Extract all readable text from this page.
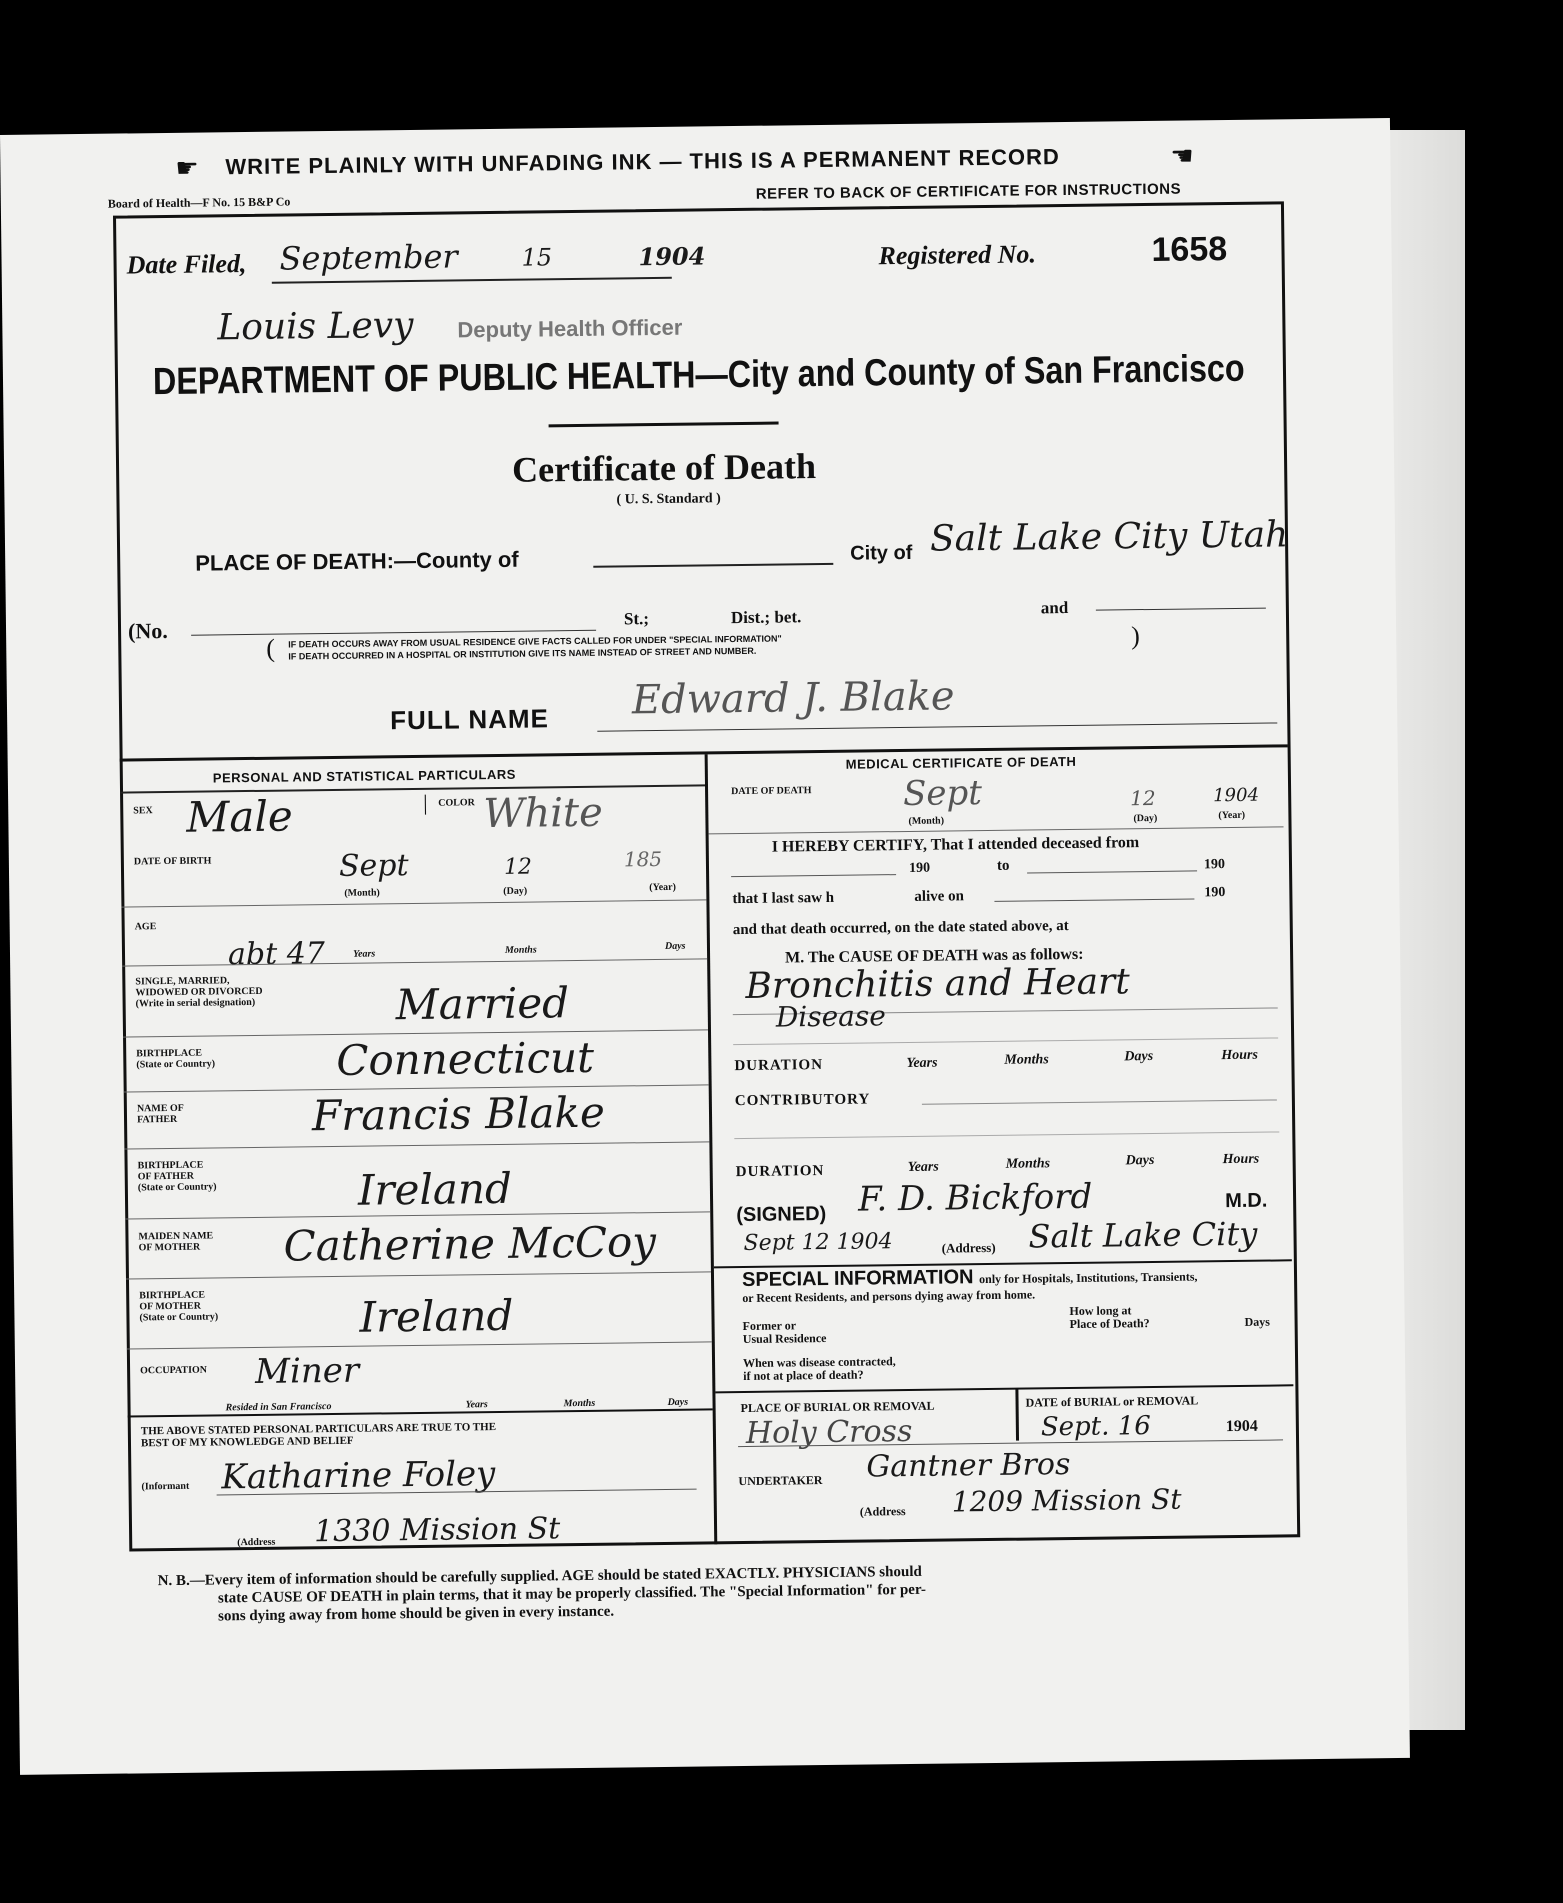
☛ WRITE PLAINLY WITH UNFADING INK — THIS IS A PERMANENT RECORD	☚
Board of Health—F No. 15 B&P Co	REFER TO BACK OF CERTIFICATE FOR INSTRUCTIONS
Date Filed, September	15	1904	Registered No.	1658
Louis Levy Deputy Health Officer
DEPARTMENT OF PUBLIC HEALTH—City and County of San Francisco
Certificate of Death
( U. S. Standard )
PLACE OF DEATH:—County of	City of Salt Lake City Utah
(No.	St.;	Dist.; bet.	and
IF DEATH OCCURS AWAY FROM USUAL RESIDENCE GIVE FACTS CALLED FOR UNDER "SPECIAL INFORMATION"
IF DEATH OCCURRED IN A HOSPITAL OR INSTITUTION GIVE ITS NAME INSTEAD OF STREET AND NUMBER.
(	)
FULL NAME Edward J. Blake
PERSONAL AND STATISTICAL PARTICULARS
SEX Male	| COLOR White
DATE OF BIRTH	Sept	12	185
(Month)	(Day)	(Year)
AGE
abt 47	Years	Months	Days
SINGLE, MARRIED,
WIDOWED OR DIVORCED
(Write in serial designation)	Married
BIRTHPLACE
(State or Country)	Connecticut
NAME OF
FATHER	Francis Blake
BIRTHPLACE
OF FATHER
(State or Country)	Ireland
MAIDEN NAME
OF MOTHER Catherine McCoy
BIRTHPLACE
OF MOTHER
(State or Country)	Ireland
OCCUPATION Miner
Resided in San Francisco	Years	Months	Days
THE ABOVE STATED PERSONAL PARTICULARS ARE TRUE TO THE
BEST OF MY KNOWLEDGE AND BELIEF
(Informant Katharine Foley
(Address 1330 Mission St
MEDICAL CERTIFICATE OF DEATH
DATE OF DEATH	Sept	12	1904
(Month)	(Day)	(Year)
I HEREBY CERTIFY, That I attended deceased from
190	to	190
that I last saw h	alive on	190
and that death occurred, on the date stated above, at
M. The CAUSE OF DEATH was as follows:
Bronchitis and Heart
Disease
DURATION	Years	Months	Days	Hours
CONTRIBUTORY
DURATION	Years	Months	Days	Hours
(SIGNED) F. D. Bickford	M.D.
Sept 12 1904	(Address) Salt Lake City
SPECIAL INFORMATION only for Hospitals, Institutions, Transients,
or Recent Residents, and persons dying away from home.
Former or
Usual Residence
How long at
Place of Death?	Days
When was disease contracted,
if not at place of death?
PLACE OF BURIAL OR REMOVAL
Holy Cross
DATE of BURIAL or REMOVAL
Sept. 16	1904
UNDERTAKER Gantner Bros
(Address 1209 Mission St
N. B.—Every item of information should be carefully supplied. AGE should be stated EXACTLY. PHYSICIANS should
state CAUSE OF DEATH in plain terms, that it may be properly classified. The "Special Information" for per-
sons dying away from home should be given in every instance.
